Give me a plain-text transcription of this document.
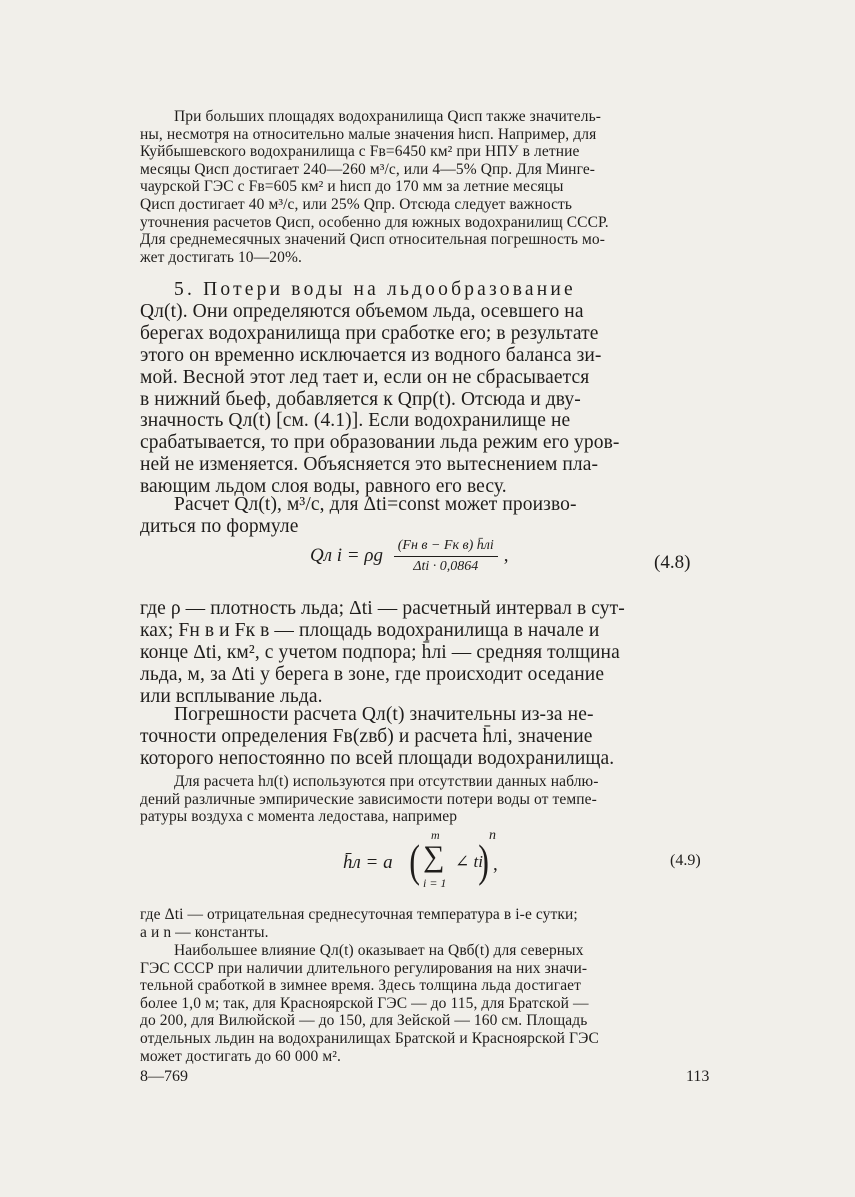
При больших площадях водохранилища Qисп также значитель-
ны, несмотря на относительно малые значения hисп. Например, для
Куйбышевского водохранилища с Fв=6450 км² при НПУ в летние
месяцы Qисп достигает 240—260 м³/с, или 4—5% Qпр. Для Минге-
чаурской ГЭС с Fв=605 км² и hисп до 170 мм за летние месяцы
Qисп достигает 40 м³/с, или 25% Qпр. Отсюда следует важность
уточнения расчетов Qисп, особенно для южных водохранилищ СССР.
Для среднемесячных значений Qисп относительная погрешность мо-
жет достигать 10—20%.
5. Потери воды на льдообразование
Qл(t). Они определяются объемом льда, осевшего на
берегах водохранилища при сработке его; в результате
этого он временно исключается из водного баланса зи-
мой. Весной этот лед тает и, если он не сбрасывается
в нижний бьеф, добавляется к Qпр(t). Отсюда и дву-
значность Qл(t) [см. (4.1)]. Если водохранилище не
срабатывается, то при образовании льда режим его уров-
ней не изменяется. Объясняется это вытеснением пла-
вающим льдом слоя воды, равного его весу.
Расчет Qл(t), м³/с, для Δti=const может произво-
диться по формуле
Qл i = ρg $\frac{\text{(Fн в − Fк в) h̄лi}}{\text{Δti · 0,0864}}$ ,	(4.8)
где ρ — плотность льда; Δti — расчетный интервал в сут-
ках; Fн в и Fк в — площадь водохранилища в начале и
конце Δti, км², с учетом подпора; h̄лi — средняя толщина
льда, м, за Δti у берега в зоне, где происходит оседание
или всплывание льда.
Погрешности расчета Qл(t) значительны из-за не-
точности определения Fв(zвб) и расчета h̄лi, значение
которого непостоянно по всей площади водохранилища.
Для расчета hл(t) используются при отсутствии данных наблю-
дений различные эмпирические зависимости потери воды от темпе-
ратуры воздуха с момента ледостава, например
h̄л = a ( m
∑
i = 1
∠ ti
) n
,	(4.9)
где Δti — отрицательная среднесуточная температура в i-е сутки;
a и n — константы.
Наибольшее влияние Qл(t) оказывает на Qвб(t) для северных
ГЭС СССР при наличии длительного регулирования на них значи-
тельной сработкой в зимнее время. Здесь толщина льда достигает
более 1,0 м; так, для Красноярской ГЭС — до 115, для Братской —
до 200, для Вилюйской — до 150, для Зейской — 160 см. Площадь
отдельных льдин на водохранилищах Братской и Красноярской ГЭС
может достигать до 60 000 м².
8—769	113
